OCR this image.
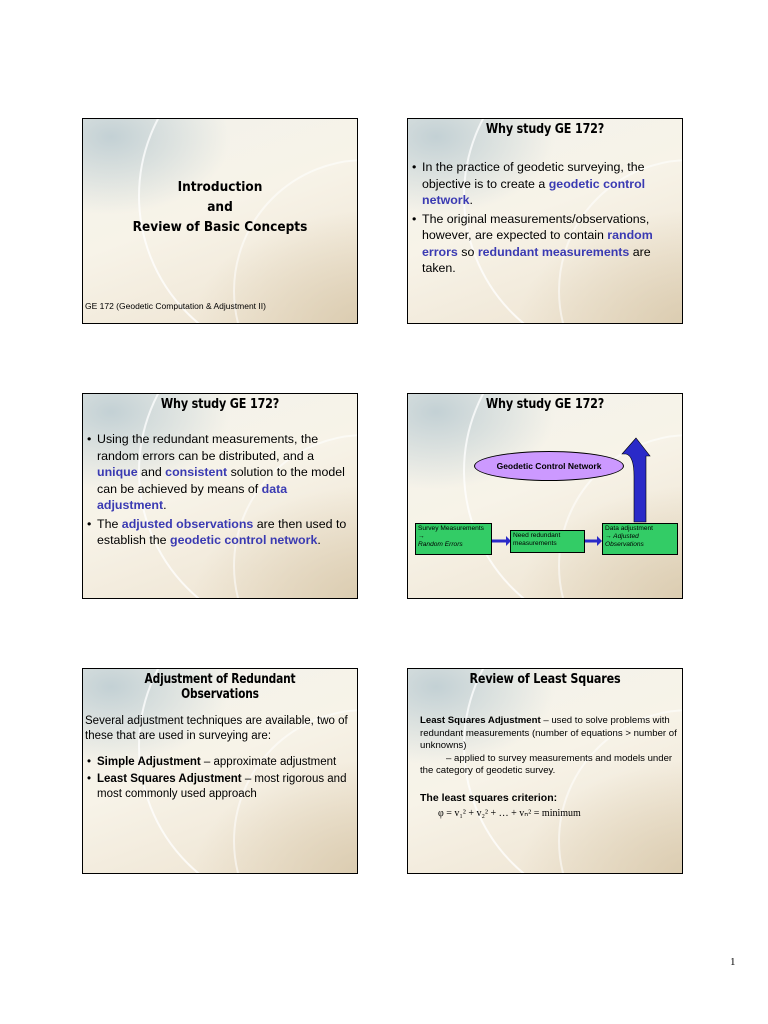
Introduction
and
Review of Basic Concepts
GE 172 (Geodetic Computation & Adjustment II)
Why study GE 172?
• In the practice of geodetic surveying, the objective is to create a geodetic control network.
• The original measurements/observations, however, are expected to contain random errors so redundant measurements are taken.
Why study GE 172?
• Using the redundant measurements, the random errors can be distributed, and a unique and consistent solution to the model can be achieved by means of data adjustment.
• The adjusted observations are then used to establish the geodetic control network.
Why study GE 172?
Geodetic Control Network
Survey Measurements →
Random Errors
Need redundant measurements
Data adjustment
→ Adjusted Observations
Adjustment of Redundant Observations
Several adjustment techniques are available, two of these that are used in surveying are:
• Simple Adjustment – approximate adjustment
• Least Squares Adjustment – most rigorous and most commonly used approach
Review of Least Squares
Least Squares Adjustment – used to solve problems with redundant measurements (number of equations > number of unknowns)
– applied to survey measurements and models under the category of geodetic survey.
The least squares criterion:
φ = v₁² + v₂² + … + vₙ² = minimum
1
